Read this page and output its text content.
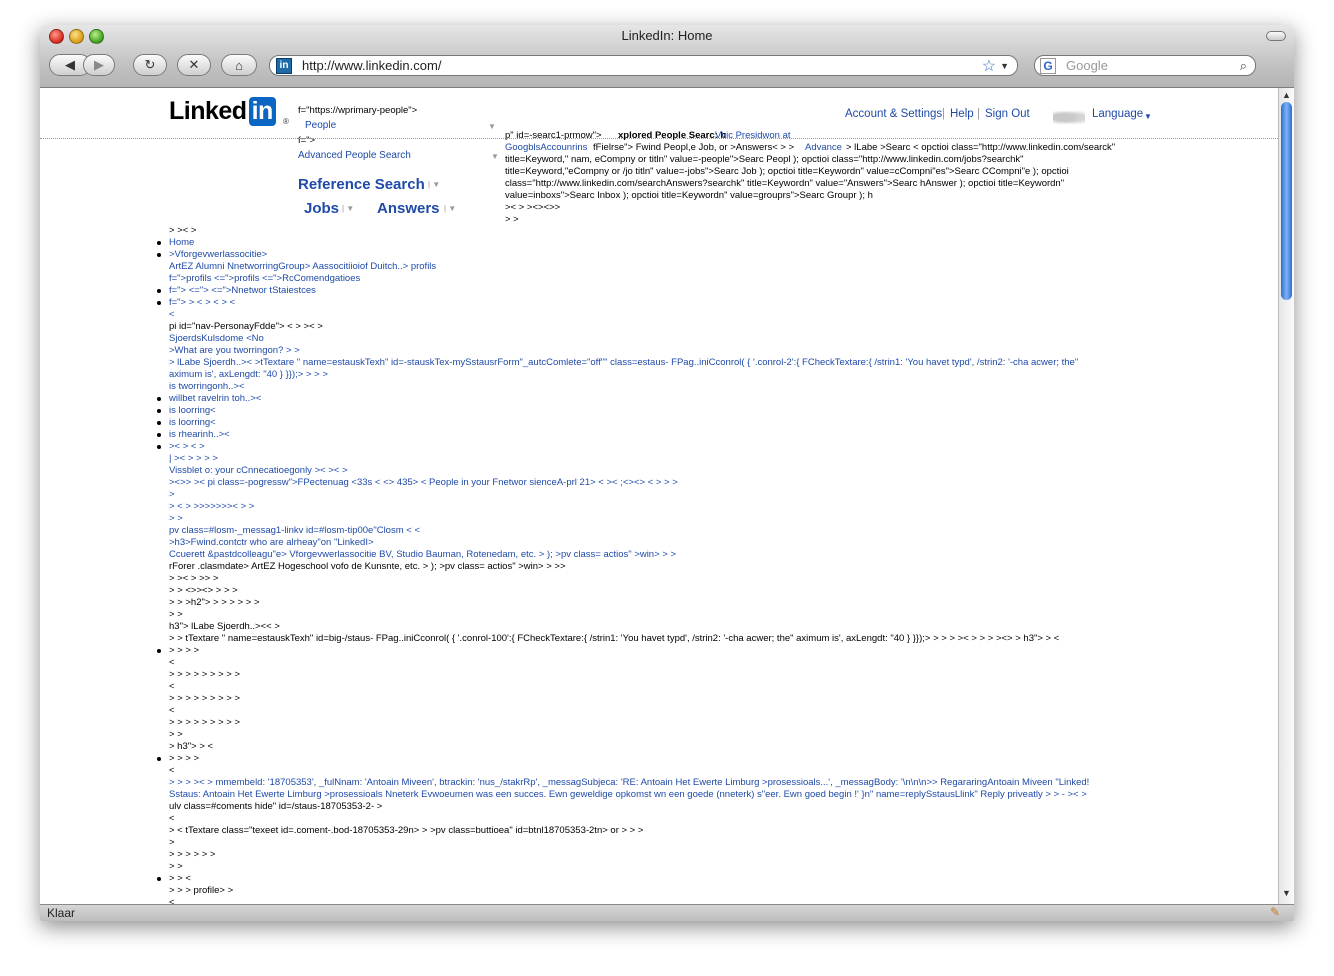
LinkedIn: Home
◀ ▶	↻	✕	⌂	in http://www.linkedin.com/	☆ ▼	G Google	⌕
Linked in	®
f="https://wprimary-people">
People	▼
f=">
Advanced People Search	▼
Reference Search | ▼
Jobs | ▼ Answers | ▼
Account & Settings | Help | Sign Out	Language ▼
p" id=-searc1-prmow"> xplored People Searc: h
Vvic Presidwon at
GoogblsAccounrins fFielrse"> Fwind Peopl,e Job, or >Answers< > > Advance > lLabe >Searc < opctioi class="http://www.linkedin.com/searck"
title=Keyword," nam, eCompny or titln" value=-people">Searc Peopl ); opctioi class="http://www.linkedin.com/jobs?searchk"
title=Keyword,"eCompny or /jo titln" value=-jobs">Searc Job ); opctioi title=Keywordn" value=cCompni"es">Searc CCompni"e ); opctioi
class="http://www.linkedin.com/searchAnswers?searchk" title=Keywordn" value="Answers">Searc hAnswer ); opctioi title=Keywordn"
value=inboxs">Searc Inbox ); opctioi title=Keywordn" value=grouprs">Searc Groupr ); h
>< > ><><>>
> >
> >< >
Home
>Vforgevwerlassocitie>
ArtEZ Alumni NnetworringGroup> Aassocitiioiof Duitch..> profils
f=">profils <=">profils <=">RcComendgatioes
f="> <="> <=">Nnetwor tStaiestces
f="> > < > < > <
<
pi id="nav-PersonayFdde"> < > >< >
SjoerdsKulsdome <No
>What are you tworringon? > >
> lLabe Sjoerdh..>< >tTextare " name=estauskTexh" id=-stauskTex-mySstausrForm"_autcComlete="off"" class=estaus- FPag..iniCconrol( { '.conrol-2':{ FCheckTextare:{ /strin1: 'You havet typd', /strin2: '-cha acwer; the"
aximum is', axLengdt: "40 } }});> > > >
is tworringonh..><
willbet ravelrin toh..><
is loorring<
is loorring<
is rhearinh..><
>< > < >
| >< > > > >
Vissblet o: your cCnnecatioegonly >< >< >
><>> >< pi class=-pogressw">FPectenuag <33s < <> 435> < People in your Fnetwor sienceA-prl 21> < >< ;<><> < > > >
>
> < > >>>>>>>< > >
> >
pv class=#losm-_messag1-linkv id=#losm-tip00e"Closm < <
>h3>Fwind.contctr who are alrheay"on "LinkedI>
Ccuerett &pastdcolleagu"e> Vforgevwerlassocitie BV, Studio Bauman, Rotenedam, etc. > ); >pv class= actios" >win> > >
rForer .clasmdate> ArtEZ Hogeschool vofo de Kunsnte, etc. > ); >pv class= actios" >win> > >>
> >< > >> >
> > <>><> > > >
> > >h2"> > > > > > >
> >
h3"> lLabe Sjoerdh..><< >
> > tTextare " name=estauskTexh" id=big-/staus- FPag..iniCconrol( { '.conrol-100':{ FCheckTextare:{ /strin1: 'You havet typd', /strin2: '-cha acwer; the" aximum is', axLengdt: "40 } }});> > > > >< > > > ><> > h3"> > <
> > > >
<
> > > > > > > > >
<
> > > > > > > > >
<
> > > > > > > > >
> >
> h3"> > <
> > > >
<
> > > >< > mmembeld: '18705353', _fulNnam: 'Antoain Miveen', btrackin: 'nus_/stakrRp', _messagSubjeca: 'RE: Antoain Het Ewerte Limburg >prosessioals...', _messagBody: '\n\n\n>> RegararingAntoain Miveen "Linked!
Sstaus: Antoain Het Ewerte Limburg >prosessioals Nneterk Evwoeumen was een succes. Ewn geweldige opkomst wn een goede (nneterk) s"eer. Ewn goed begin !' }n" name=replySstausLlink" Reply priveatly > > - >< >
ulv class=#coments hide" id=/staus-18705353-2- >
<
> < tTextare class="texeet id=.coment-.bod-18705353-29n> > >pv class=buttioea" id=btnl18705353-2tn> or > > >
>
> > > > > >
> >
> > <
> > > profile> >
<
▲
▼
Klaar	✎
